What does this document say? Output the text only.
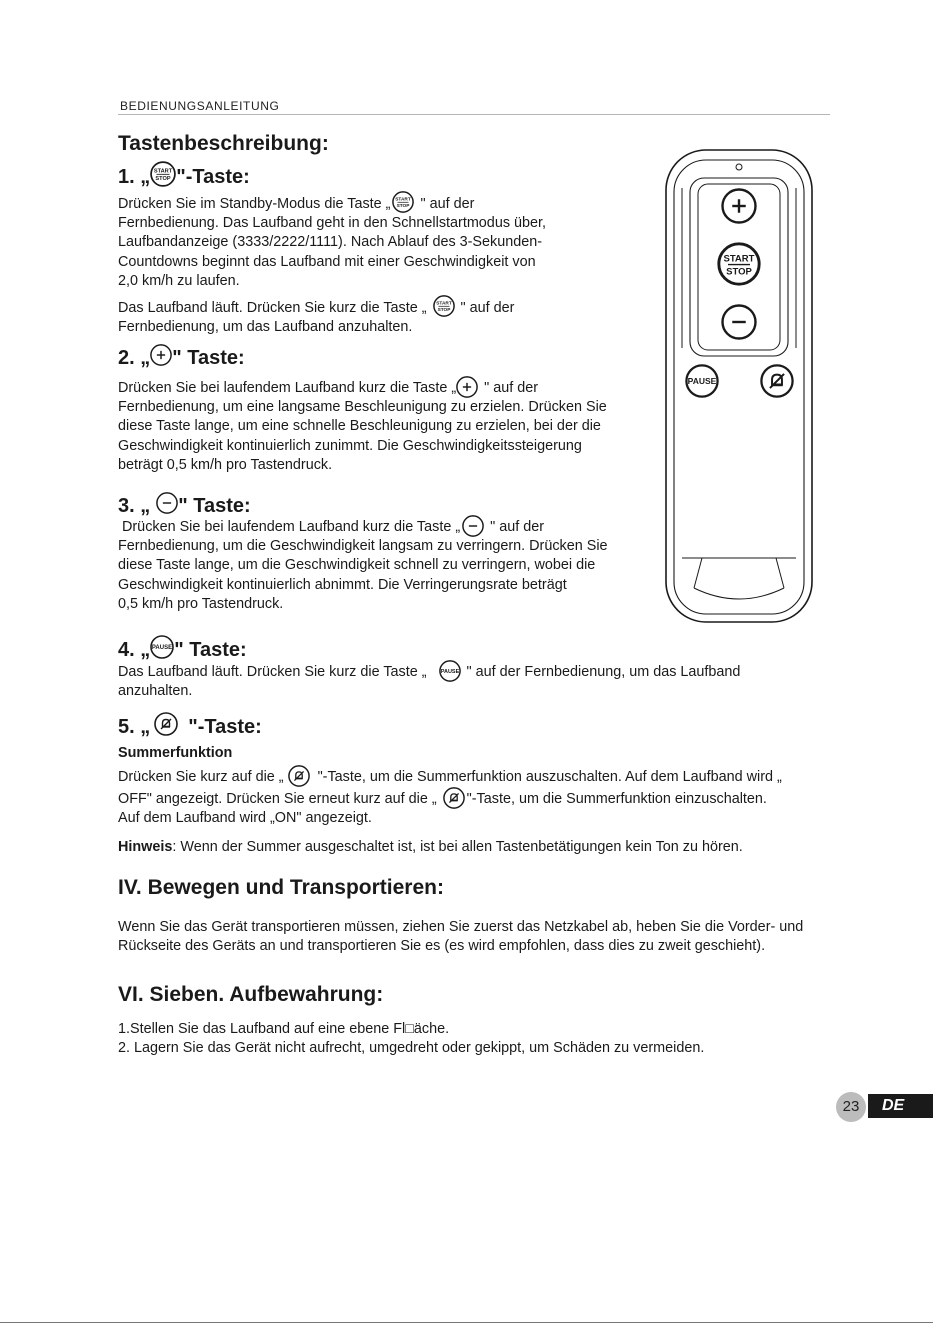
BEDIENUNGSANLEITUNG
Tastenbeschreibung:
1. „ "-Taste:

Drücken Sie im Standby-Modus die Taste „ " auf der
Fernbedienung. Das Laufband geht in den Schnellstartmodus über,
Laufbandanzeige (3333/2222/1111). Nach Ablauf des 3-Sekunden-
Countdowns beginnt das Laufband mit einer Geschwindigkeit von
2,0 km/h zu laufen.

Das Laufband läuft. Drücken Sie kurz die Taste „ " auf der
Fernbedienung, um das Laufband anzuhalten.

2. „ " Taste:

Drücken Sie bei laufendem Laufband kurz die Taste „ " auf der
Fernbedienung, um eine langsame Beschleunigung zu erzielen. Drücken Sie
diese Taste lange, um eine schnelle Beschleunigung zu erzielen, bei der die
Geschwindigkeit kontinuierlich zunimmt. Die Geschwindigkeitssteigerung
beträgt 0,5 km/h pro Tastendruck.

3. „ " Taste:

Drücken Sie bei laufendem Laufband kurz die Taste „ " auf der
Fernbedienung, um die Geschwindigkeit langsam zu verringern. Drücken Sie
diese Taste lange, um die Geschwindigkeit schnell zu verringern, wobei die
Geschwindigkeit kontinuierlich abnimmt. Die Verringerungsrate beträgt
0,5 km/h pro Tastendruck.

4. „ " Taste:

Das Laufband läuft. Drücken Sie kurz die Taste „	" auf der Fernbedienung, um das Laufband
anzuhalten.

5. „ "-Taste:

Summerfunktion

Drücken Sie kurz auf die „ "-Taste, um die Summerfunktion auszuschalten. Auf dem Laufband wird „
OFF" angezeigt. Drücken Sie erneut kurz auf die „ "-Taste, um die Summerfunktion einzuschalten.
Auf dem Laufband wird „ON" angezeigt.

Hinweis: Wenn der Summer ausgeschaltet ist, ist bei allen Tastenbetätigungen kein Ton zu hören.

IV. Bewegen und Transportieren:

Wenn Sie das Gerät transportieren müssen, ziehen Sie zuerst das Netzkabel ab, heben Sie die Vorder- und
Rückseite des Geräts an und transportieren Sie es (es wird empfohlen, dass dies zu zweit geschieht).

VI. Sieben. Aufbewahrung:

1.Stellen Sie das Laufband auf eine ebene Fl□äche.
2. Lagern Sie das Gerät nicht aufrecht, umgedreht oder gekippt, um Schäden zu vermeiden.

23	DE
